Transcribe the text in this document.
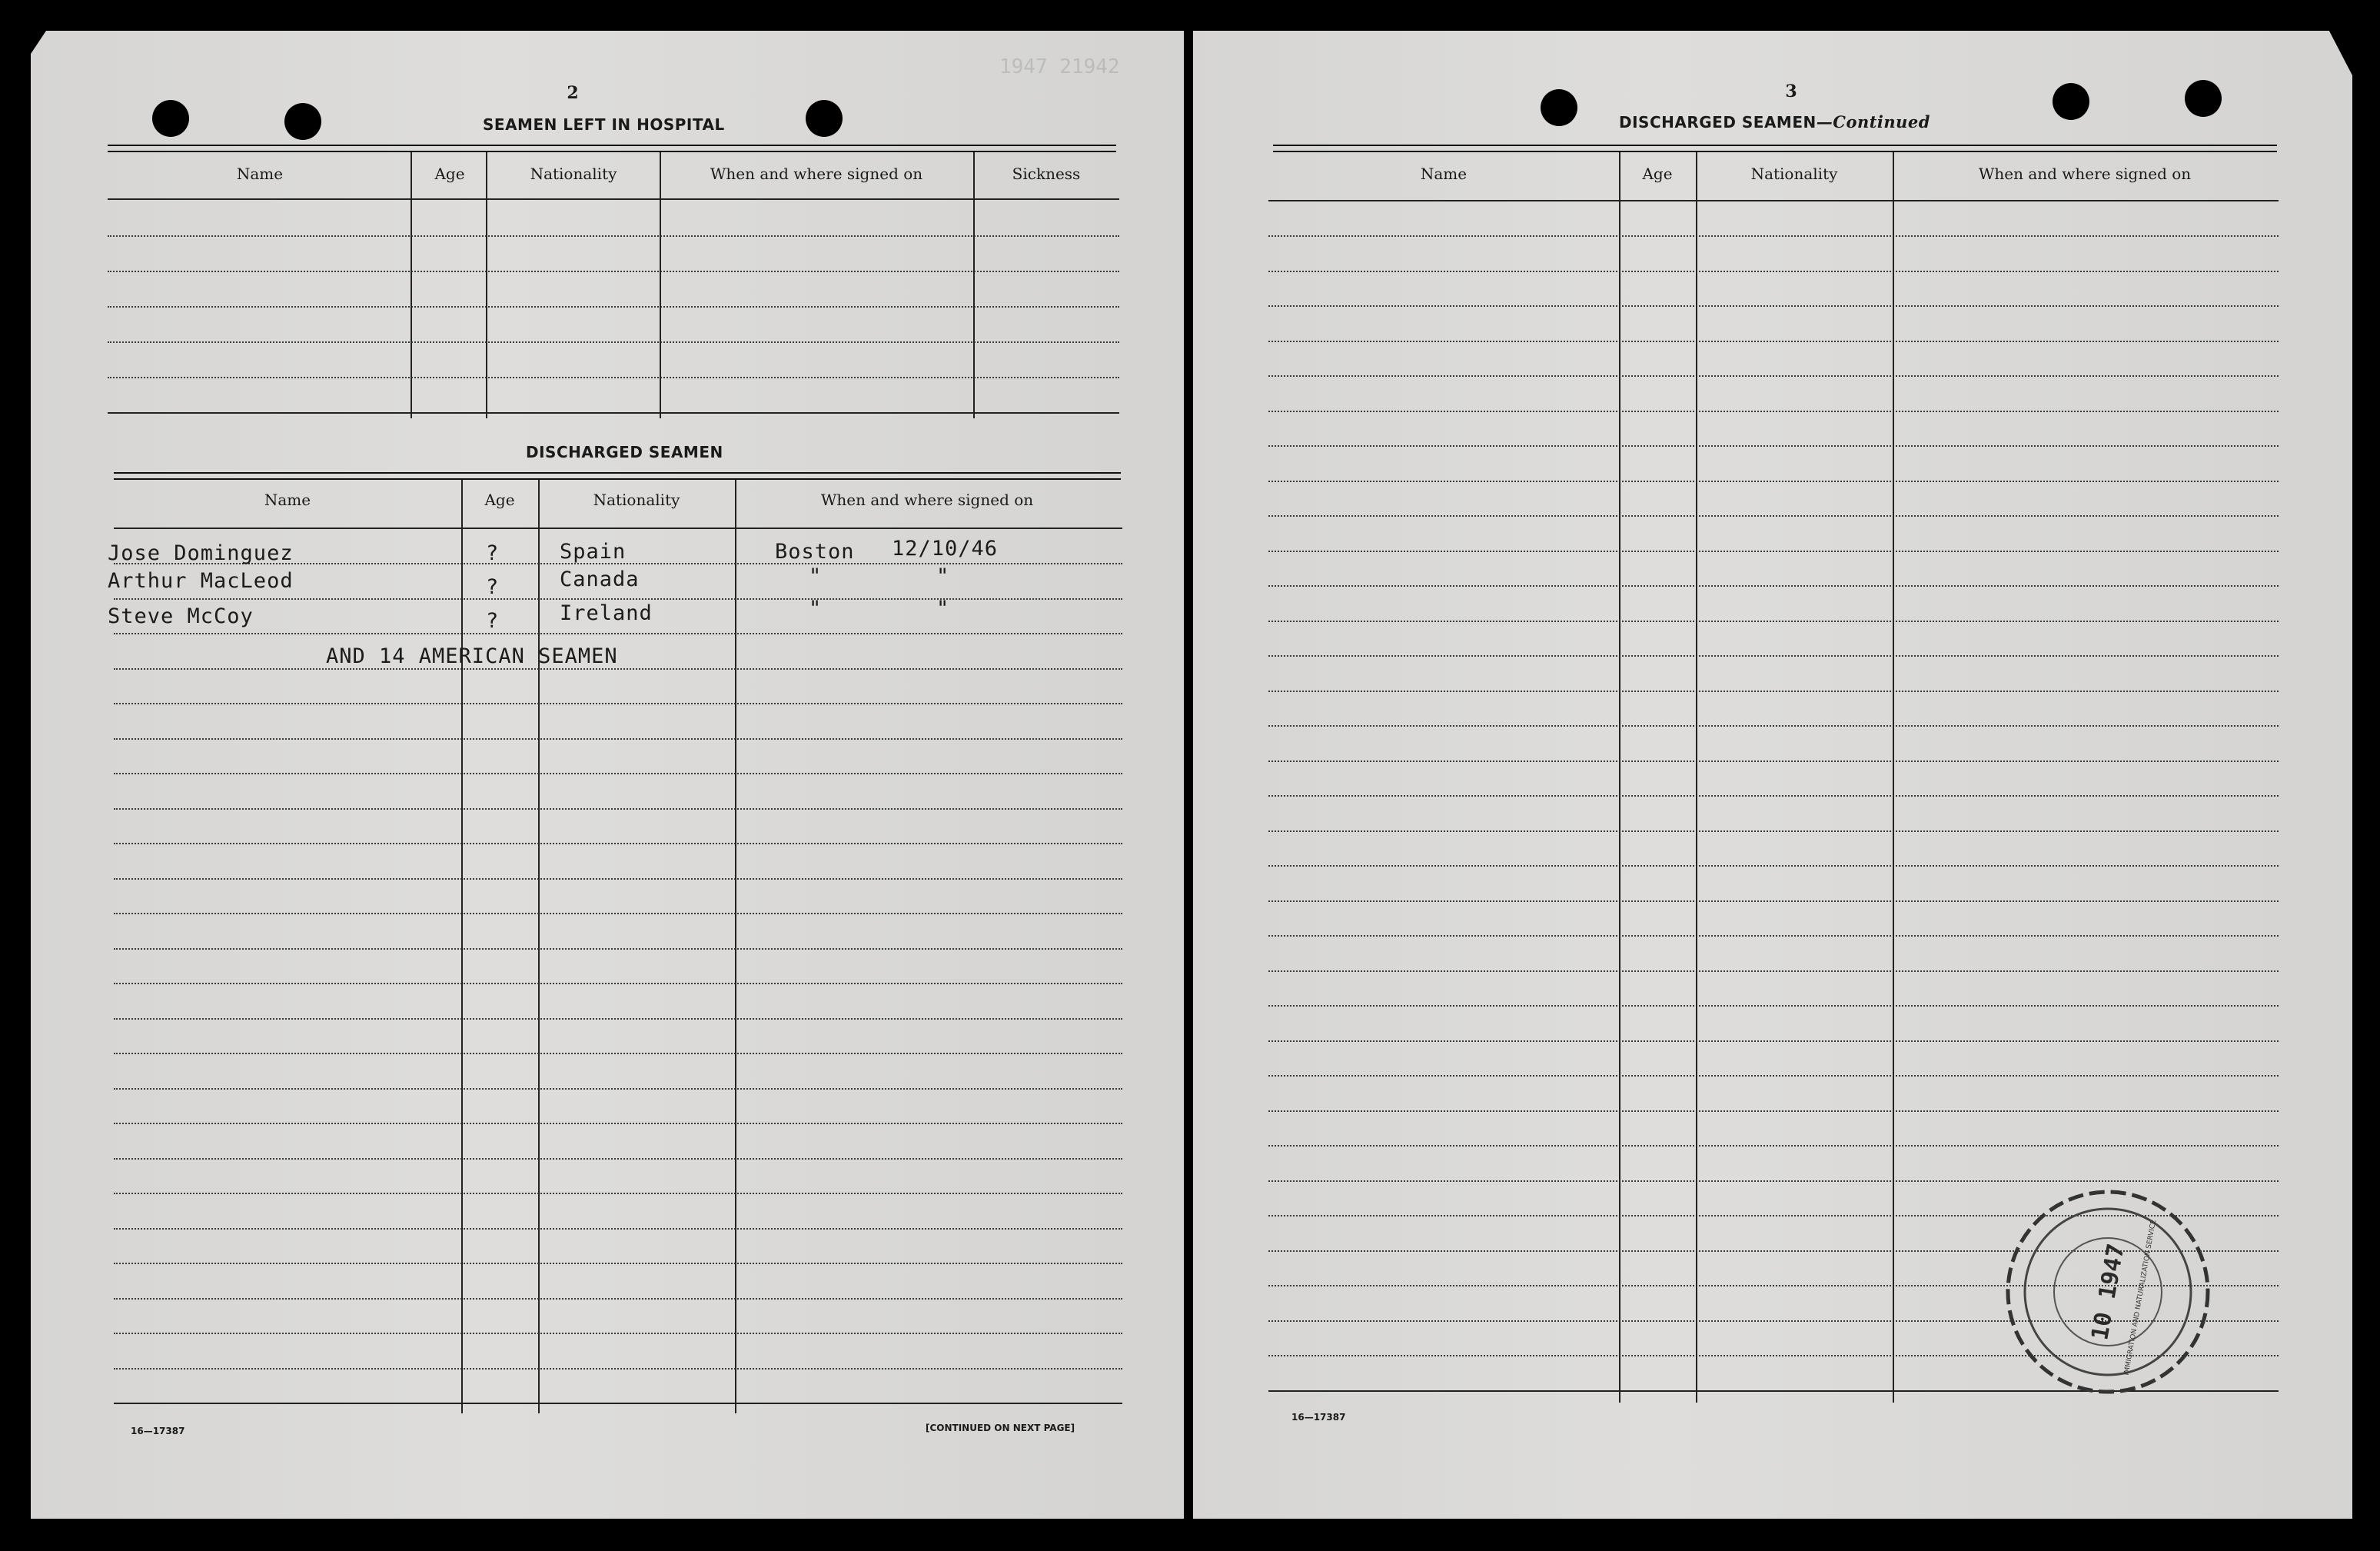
1947 21942
2
SEAMEN LEFT IN HOSPITAL
Name	Age	Nationality	When and where signed on	Sickness
DISCHARGED SEAMEN
Name	Age	Nationality	When and where signed on
Jose Dominguez	?	Spain	Boston 12/10/46
Arthur MacLeod	?	Canada	"	"
Steve McCoy	?	Ireland	"	"
AND 14 AMERICAN SEAMEN
16—17387	[CONTINUED ON NEXT PAGE]
3
DISCHARGED SEAMEN—Continued
Name	Age	Nationality	When and where signed on
16—17387
10 1947
IMMIGRATION AND NATURALIZATION SERVICE
